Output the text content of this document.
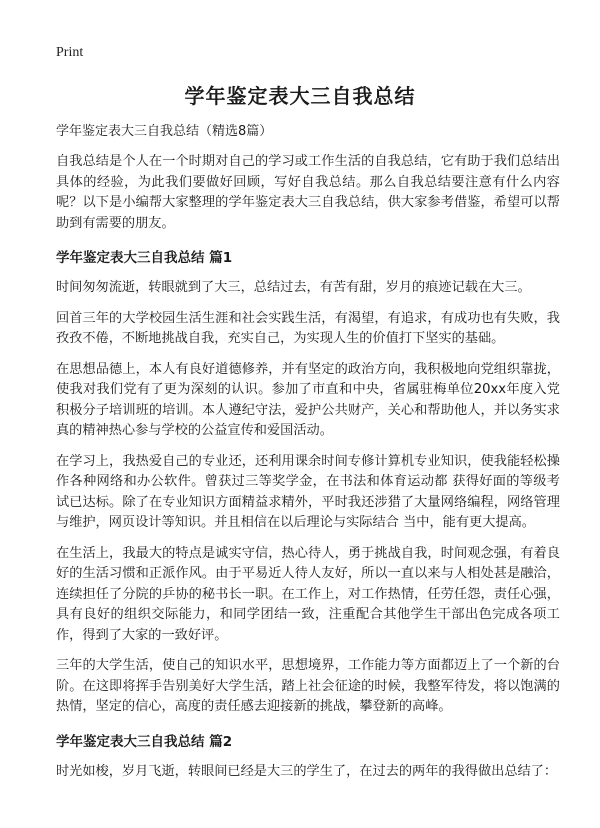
Print
学年鉴定表大三自我总结

学年鉴定表大三自我总结（精选8篇）

自我总结是个人在一个时期对自己的学习或工作生活的自我总结，它有助于我们总结出具体的经验，为此我们要做好回顾，写好自我总结。那么自我总结要注意有什么内容呢？以下是小编帮大家整理的学年鉴定表大三自我总结，供大家参考借鉴，希望可以帮助到有需要的朋友。

学年鉴定表大三自我总结 篇1

时间匆匆流逝，转眼就到了大三，总结过去，有苦有甜，岁月的痕迹记载在大三。

回首三年的大学校园生活生涯和社会实践生活，有渴望，有追求，有成功也有失败，我孜孜不倦，不断地挑战自我，充实自己，为实现人生的价值打下坚实的基础。

在思想品德上，本人有良好道德修养，并有坚定的政治方向，我积极地向党组织靠拢，使我对我们党有了更为深刻的认识。参加了市直和中央，省属驻梅单位20xx年度入党积极分子培训班的培训。本人遵纪守法，爱护公共财产，关心和帮助他人，并以务实求真的精神热心参与学校的公益宣传和爱国活动。

在学习上，我热爱自己的专业还，还利用课余时间专修计算机专业知识，使我能轻松操作各种网络和办公软件。曾获过三等奖学金，在书法和体育运动都 获得好面的等级考试已达标。除了在专业知识方面精益求精外，平时我还涉猎了大量网络编程，网络管理与维护，网页设计等知识。并且相信在以后理论与实际结合 当中，能有更大提高。

在生活上，我最大的特点是诚实守信，热心待人，勇于挑战自我，时间观念强，有着良好的生活习惯和正派作风。由于平易近人待人友好，所以一直以来与人相处甚是融洽，连续担任了分院的乒协的秘书长一职。在工作上，对工作热情，任劳任怨，责任心强，具有良好的组织交际能力，和同学团结一致，注重配合其他学生干部出色完成各项工作，得到了大家的一致好评。

三年的大学生活，使自己的知识水平，思想境界，工作能力等方面都迈上了一个新的台阶。在这即将挥手告别美好大学生活，踏上社会征途的时候，我整军待发，将以饱满的热情，坚定的信心，高度的责任感去迎接新的挑战，攀登新的高峰。

学年鉴定表大三自我总结 篇2

时光如梭，岁月飞逝，转眼间已经是大三的学生了，在过去的两年的我得做出总结了：
